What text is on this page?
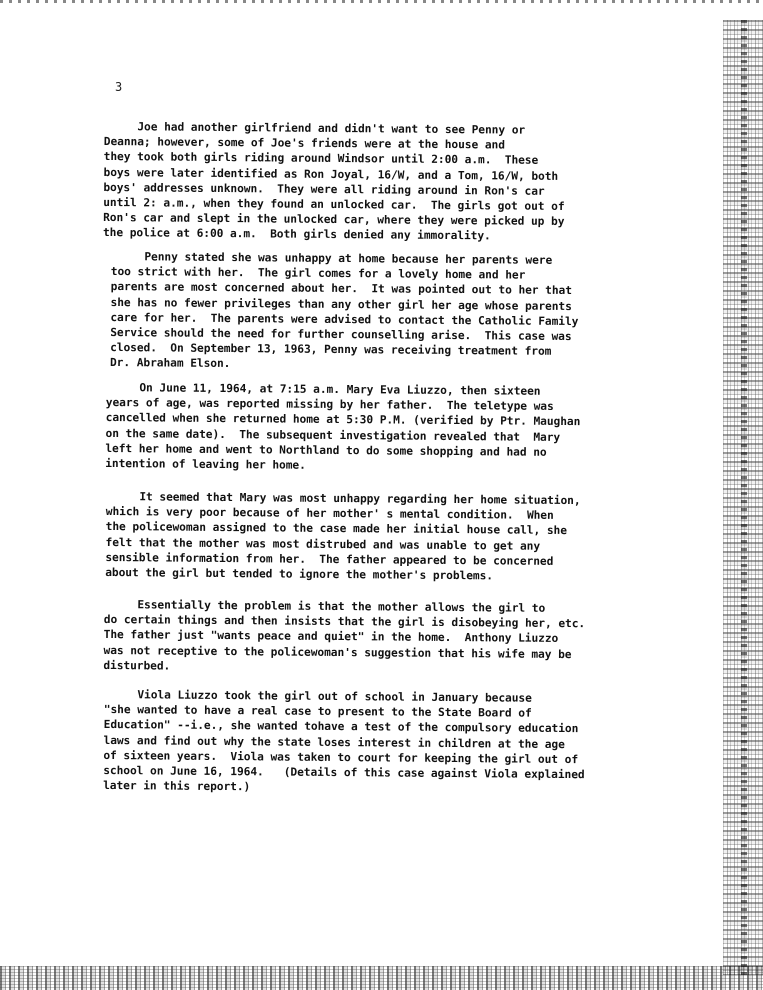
3

Joe had another girlfriend and didn't want to see Penny or
Deanna; however, some of Joe's friends were at the house and
they took both girls riding around Windsor until 2:00 a.m.  These
boys were later identified as Ron Joyal, 16/W, and a Tom, 16/W, both
boys' addresses unknown.  They were all riding around in Ron's car
until 2: a.m., when they found an unlocked car.  The girls got out of
Ron's car and slept in the unlocked car, where they were picked up by
the police at 6:00 a.m.  Both girls denied any immorality.

Penny stated she was unhappy at home because her parents were
too strict with her.  The girl comes for a lovely home and her
parents are most concerned about her.  It was pointed out to her that
she has no fewer privileges than any other girl her age whose parents
care for her.  The parents were advised to contact the Catholic Family
Service should the need for further counselling arise.  This case was
closed.  On September 13, 1963, Penny was receiving treatment from
Dr. Abraham Elson.

On June 11, 1964, at 7:15 a.m. Mary Eva Liuzzo, then sixteen
years of age, was reported missing by her father.  The teletype was
cancelled when she returned home at 5:30 P.M. (verified by Ptr. Maughan
on the same date).  The subsequent investigation revealed that  Mary
left her home and went to Northland to do some shopping and had no
intention of leaving her home.

It seemed that Mary was most unhappy regarding her home situation,
which is very poor because of her mother' s mental condition.  When
the policewoman assigned to the case made her initial house call, she
felt that the mother was most distrubed and was unable to get any
sensible information from her.  The father appeared to be concerned
about the girl but tended to ignore the mother's problems.

Essentially the problem is that the mother allows the girl to
do certain things and then insists that the girl is disobeying her, etc.
The father just "wants peace and quiet" in the home.  Anthony Liuzzo
was not receptive to the policewoman's suggestion that his wife may be
disturbed.

Viola Liuzzo took the girl out of school in January because
"she wanted to have a real case to present to the State Board of
Education" --i.e., she wanted tohave a test of the compulsory education
laws and find out why the state loses interest in children at the age
of sixteen years.  Viola was taken to court for keeping the girl out of
school on June 16, 1964.   (Details of this case against Viola explained
later in this report.)
